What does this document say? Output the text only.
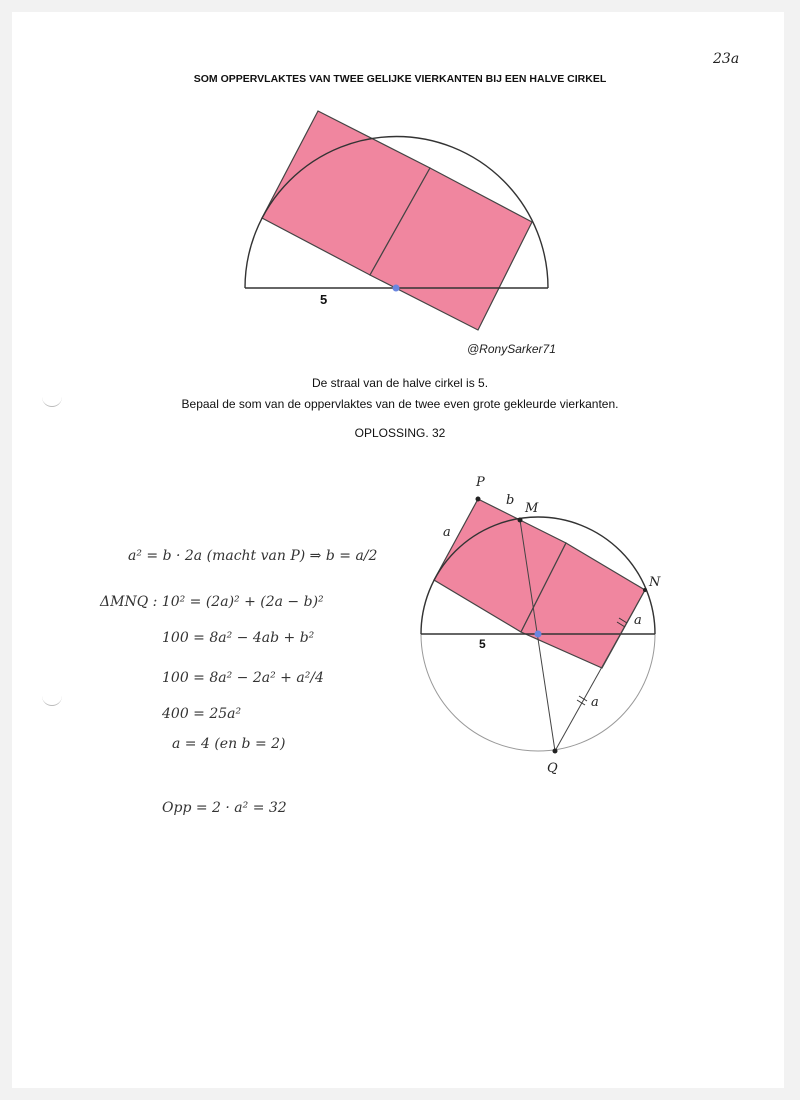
23a
SOM OPPERVLAKTES VAN TWEE GELIJKE VIERKANTEN BIJ EEN HALVE CIRKEL
5
@RonySarker71
De straal van de halve cirkel is 5.
Bepaal de som van de oppervlaktes van de twee even grote gekleurde vierkanten.
OPLOSSING. 32
P
b
M
N
a
a
a
Q
5
a² = b · 2a (macht van P) ⇒ b = a/2
ΔMNQ : 10² = (2a)² + (2a − b)²
100 = 8a² − 4ab + b²
100 = 8a² − 2a² + a²/4
400 = 25a²
a = 4 (en b = 2)
Opp = 2 · a² = 32
